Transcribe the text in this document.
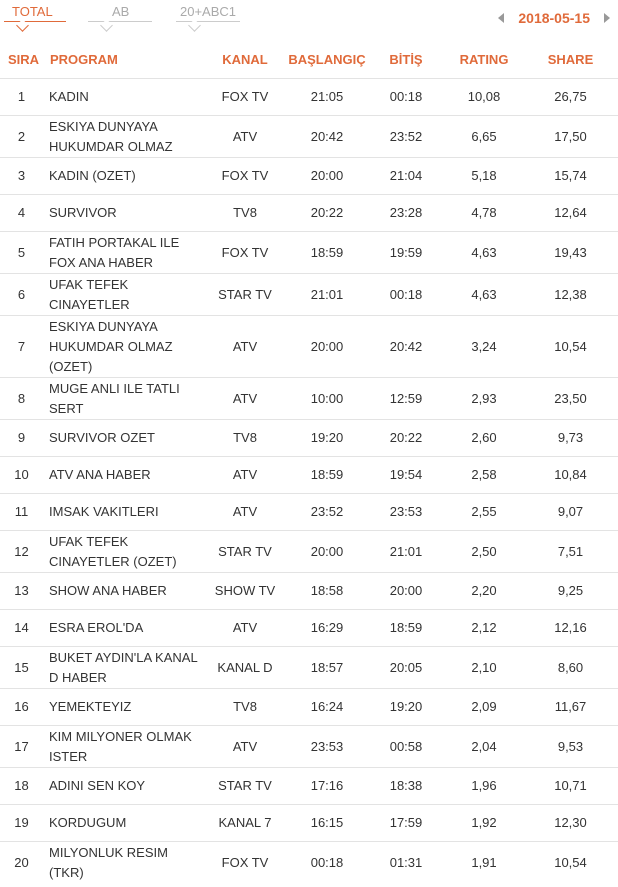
TOTAL	AB	20+ABC1	2018-05-15
SIRA	PROGRAM	KANAL	BAŞLANGIÇ	BİTİŞ	RATING	SHARE
1	KADIN	FOX TV	21:05	00:18	10,08	26,75
2	ESKIYA DUNYAYA HUKUMDAR OLMAZ	ATV	20:42	23:52	6,65	17,50
3	KADIN (OZET)	FOX TV	20:00	21:04	5,18	15,74
4	SURVIVOR	TV8	20:22	23:28	4,78	12,64
5	FATIH PORTAKAL ILE FOX ANA HABER	FOX TV	18:59	19:59	4,63	19,43
6	UFAK TEFEK CINAYETLER	STAR TV	21:01	00:18	4,63	12,38
7	ESKIYA DUNYAYA HUKUMDAR OLMAZ (OZET)	ATV	20:00	20:42	3,24	10,54
8	MUGE ANLI ILE TATLI SERT	ATV	10:00	12:59	2,93	23,50
9	SURVIVOR OZET	TV8	19:20	20:22	2,60	9,73
10	ATV ANA HABER	ATV	18:59	19:54	2,58	10,84
11	IMSAK VAKITLERI	ATV	23:52	23:53	2,55	9,07
12	UFAK TEFEK CINAYETLER (OZET)	STAR TV	20:00	21:01	2,50	7,51
13	SHOW ANA HABER	SHOW TV	18:58	20:00	2,20	9,25
14	ESRA EROL'DA	ATV	16:29	18:59	2,12	12,16
15	BUKET AYDIN'LA KANAL D HABER	KANAL D	18:57	20:05	2,10	8,60
16	YEMEKTEYIZ	TV8	16:24	19:20	2,09	11,67
17	KIM MILYONER OLMAK ISTER	ATV	23:53	00:58	2,04	9,53
18	ADINI SEN KOY	STAR TV	17:16	18:38	1,96	10,71
19	KORDUGUM	KANAL 7	16:15	17:59	1,92	12,30
20	MILYONLUK RESIM (TKR)	FOX TV	00:18	01:31	1,91	10,54
